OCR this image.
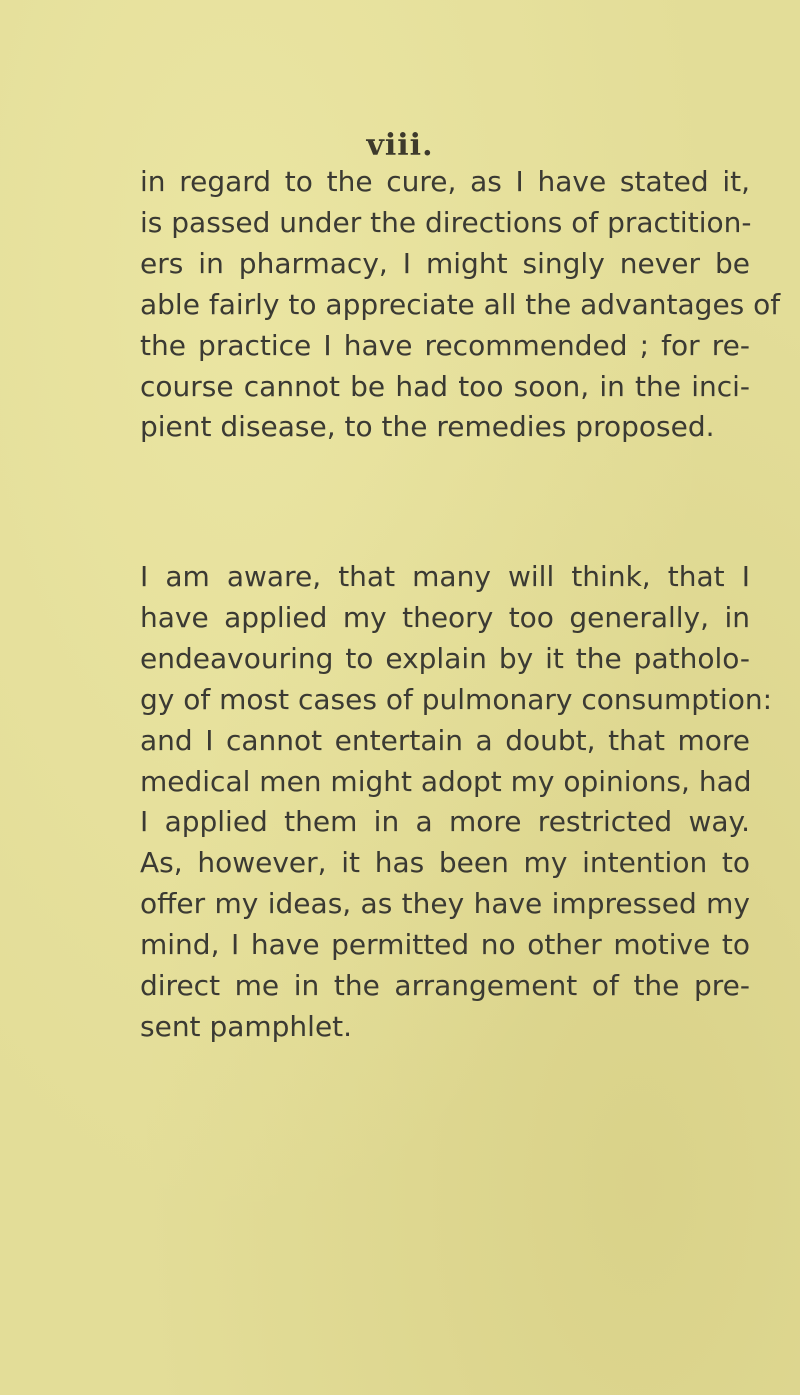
viii.

in regard to the cure, as I have stated it,
is passed under the directions of practition-
ers in pharmacy, I might singly never be
able fairly to appreciate all the advantages of
the practice I have recommended ; for re-
course cannot be had too soon, in the inci-
pient disease, to the remedies proposed.
I am aware, that many will think, that I
have applied my theory too generally, in
endeavouring to explain by it the patholo-
gy of most cases of pulmonary consumption:
and I cannot entertain a doubt, that more
medical men might adopt my opinions, had
I applied them in a more restricted way.
As, however, it has been my intention to
offer my ideas, as they have impressed my
mind, I have permitted no other motive to
direct me in the arrangement of the pre-
sent pamphlet.
